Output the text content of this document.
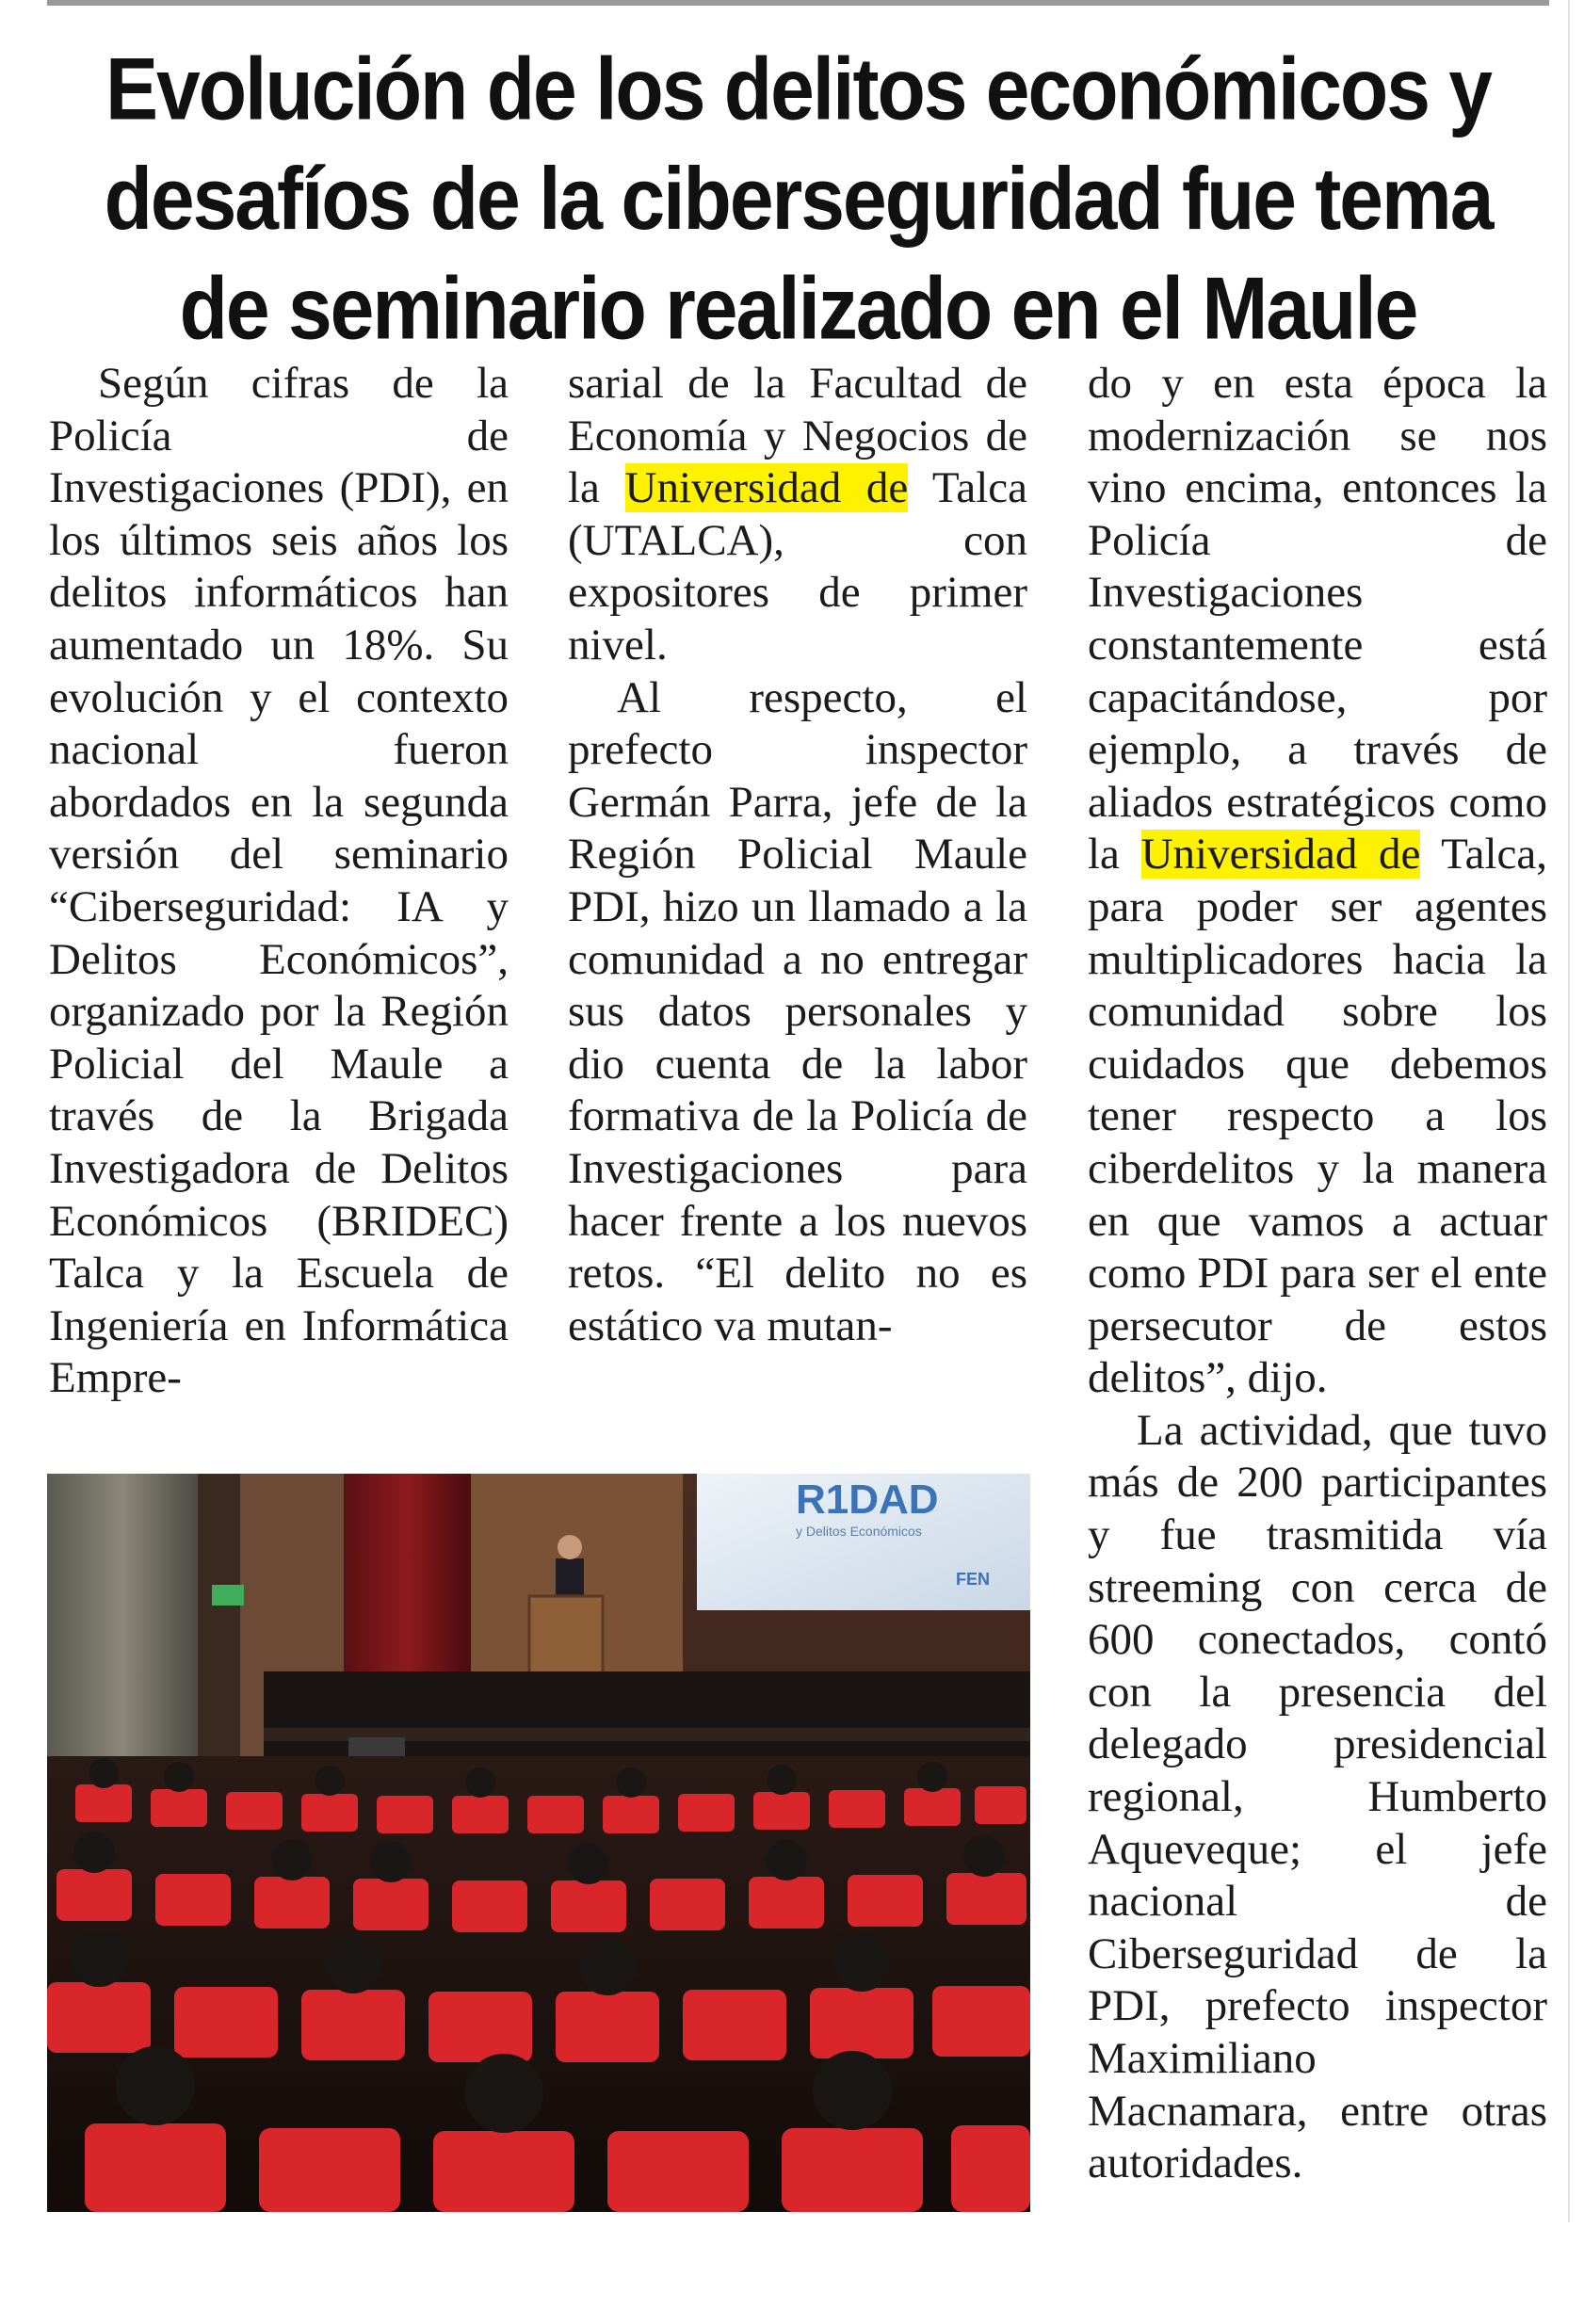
Evolución de los delitos económicos y
desafíos de la ciberseguridad fue tema
de seminario realizado en el Maule

Según cifras de la Policía de Investigaciones (PDI), en los últimos seis años los delitos informáticos han aumentado un 18%. Su evolución y el contexto nacional fueron abordados en la segunda versión del seminario “Ciberseguridad: IA y Delitos Económicos”, organizado por la Región Policial del Maule a través de la Brigada Investigadora de Delitos Económicos (BRIDEC) Talca y la Escuela de Ingeniería en Informática Empre-

sarial de la Facultad de Economía y Negocios de la Universidad de Talca (UTALCA), con expositores de primer nivel.

Al respecto, el prefecto inspector Germán Parra, jefe de la Región Policial Maule PDI, hizo un llamado a la comunidad a no entregar sus datos personales y dio cuenta de la labor formativa de la Policía de Investigaciones para hacer frente a los nuevos retos. “El delito no es estático va mutan-

do y en esta época la modernización se nos vino encima, entonces la Policía de Investigaciones constantemente está capacitándose, por ejemplo, a través de aliados estratégicos como la Universidad de Talca, para poder ser agentes multiplicadores hacia la comunidad sobre los cuidados que debemos tener respecto a los ciberdelitos y la manera en que vamos a actuar como PDI para ser el ente persecutor de estos delitos”, dijo.

La actividad, que tuvo más de 200 participantes y fue trasmitida vía streeming con cerca de 600 conectados, contó con la presencia del delegado presidencial regional, Humberto Aqueveque; el jefe nacional de Ciberseguridad de la PDI, prefecto inspector Maximiliano Macnamara, entre otras autoridades.

R1DAD
y Delitos Económicos
FEN
